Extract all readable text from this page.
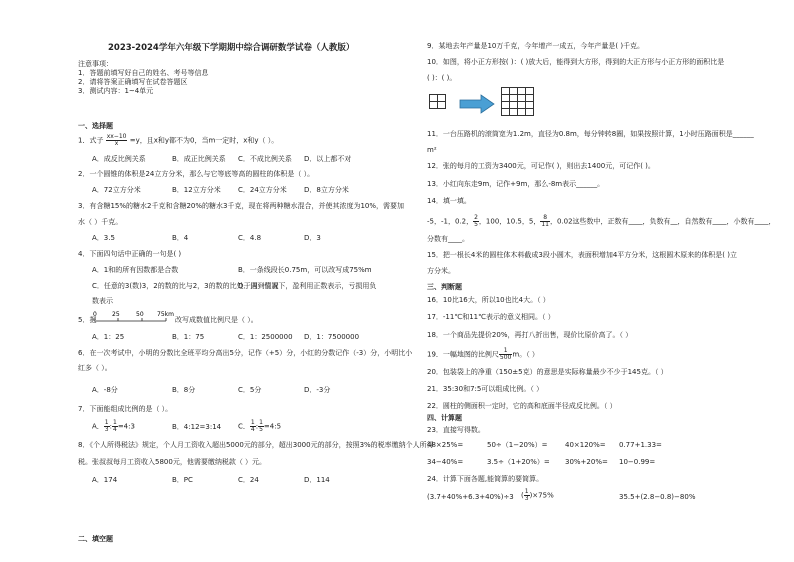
2023-2024学年六年级下学期期中综合调研数学试卷（人教版）
注意事项：
1．答题前填写好自己的姓名、考号等信息
2．请将答案正确填写在试卷答题区
3．测试内容：1~4单元
一、选择题
1．式子 $\frac{xx-10}{x} =y$，且x和y都不为0，当m一定时，x和y（ ）。
A．成反比例关系	B．成正比例关系 C．不成比例关系 D．以上都不对
2．一个圆锥的体积是24立方分米，那么与它等底等高的圆柱的体积是（ ）。
A．72立方分米	B．12立方分米 C．24立方分米 D．8立方分米
3．有含糖15%的糖水2千克和含糖20%的糖水3千克，现在将两种糖水混合，并使其浓度为10%，需要加
水（ ）千克。
A．3.5	B．4	C．4.8	D．3
4．下面四句话中正确的一句是( )
A．1和的所有因数都是合数	B．一条线段长0.75m，可以改写成75%m
C．任意的3(数)3，2的数的比与2，3的数的比处于同一位置
D．遇到情况下，盈利用正数表示，亏损用负
数表示
5．把
0	25	50 75km
改写成数值比例尺是（ ）。
A．1：25	B．1：75	C．1：2500000 D．1：7500000
6．在一次考试中，小明的分数比全班平均分高出5分，记作（+5）分，小红的分数记作（-3）分，小明比小
红多（ ）。
A．-8分	B．8分	C．5分	D．-3分
7．下面能组成比例的是（ ）。
A． $\frac{1}{3}$ : $\frac{1}{4}$ =4:3	B．4:12=3:14 C． $\frac{1}{4}$ : $\frac{1}{5}$ =4:5
8．《个人所得税法》规定，个人月工资收入超出5000元的部分，超出3000元的部分，按照3%的税率缴纳个人所得
税。张叔叔每月工资收入5800元，他需要缴纳税款（ ）元。
A．174	B．PC	C．24	D．114
二、填空题
9．某地去年产量是10万千克，今年增产一成五，今年产量是( )千克。
10．如图，将小正方形按( )：( )放大后，能得到大方形，得到的大正方形与小正方形的面积比是
( )：( )。

11．一台压路机的滚筒宽为1.2m，直径为0.8m，每分钟转8圈，如果按照计算，1小时压路面积是______
m²
12．张的每月的工资为3400元，可记作( )，则出去1400元，可记作( )。
13．小红向东走9m，记作+9m，那么-8m表示______。
14．填一填。
-5，-1，0.2， $\frac{2}{5}$ ，100，10.5，5， $\frac{8}{11}$ ，0.02这些数中，正数有____，负数有__，自然数有____，小数有____，
分数有____。
15．把一根长4米的圆柱体木料截成3段小圆木，表面积增加4平方分米，这根圆木原来的体积是( )立
方分米。
三、判断题
16．10比16大，所以10也比4大。（ ）
17．-11℃和11℃表示的意义相同。（ ）
18．一个商品先提价20%，再打八折出售，现价比原价高了。（ ）
19．一幅地图的比例尺 $\frac{1}{500}$ m。（ ）
20．包装袋上的净重（150±5克）的意思是实际称量最少不少于145克。（ ）
21．35:30和7:5可以组成比例。（ ）
22．圆柱的侧面积一定时，它的高和底面半径成反比例。（ ）
四、计算题
23．直接写得数。
48×25%=	50÷（1−20%）= 40×120%= 0.77+1.33=
34−40%=	3.5÷（1+20%）= 30%+20%= 10−0.99=
24．计算下面各题,能简算的要简算。
(3.7+40%+6.3+40%)÷3 ( $\frac{1}{3} )\times 75\%$	35.5+(2.8−0.8)−80%
